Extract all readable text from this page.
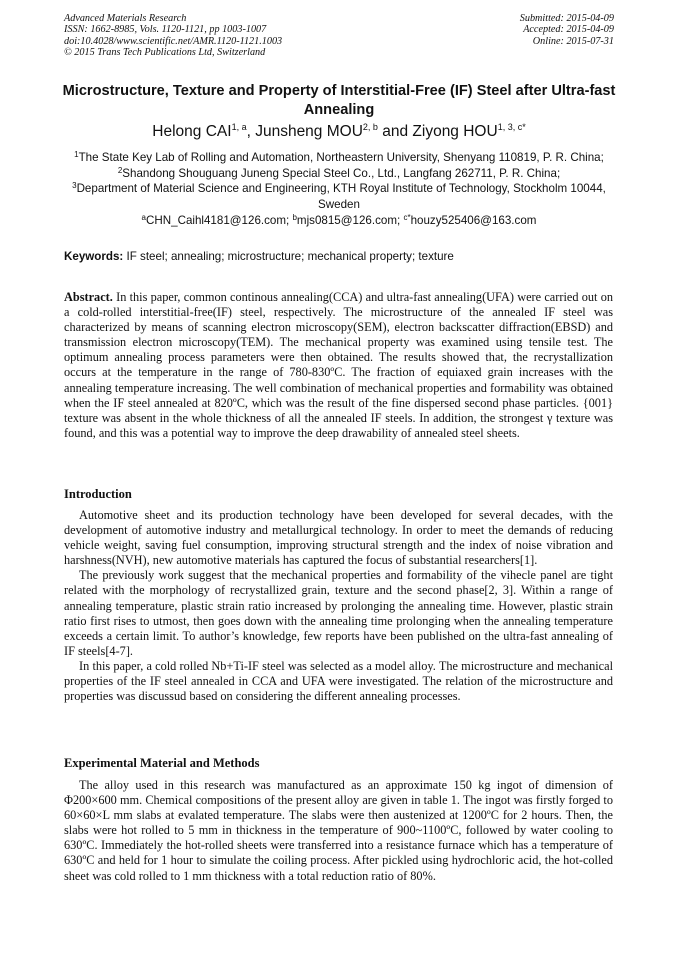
Advanced Materials Research
ISSN: 1662-8985, Vols. 1120-1121, pp 1003-1007
doi:10.4028/www.scientific.net/AMR.1120-1121.1003
© 2015 Trans Tech Publications Ltd, Switzerland
Submitted: 2015-04-09
Accepted: 2015-04-09
Online: 2015-07-31
Microstructure, Texture and Property of Interstitial-Free (IF) Steel after Ultra-fast Annealing
Helong CAI$^{1, a}$, Junsheng MOU$^{2, b}$ and Ziyong $HOU^{1, 3, c*}$
$^1$The State Key Lab of Rolling and Automation, Northeastern University, Shenyang 110819, P. R. China; $^2$Shandong Shouguang Juneng Special Steel Co., Ltd., Langfang 262711, P. R. China;
$^3$Department of Material Science and Engineering, KTH Royal Institute of Technology, Stockholm 10044, Sweden
$^a$CHN_Caihl4181@126.com; $^b$mjs0815@126.com; $^{c*}$houzy525406@163.com
Keywords: IF steel; annealing; microstructure; mechanical property; texture

Abstract. In this paper, common continous annealing(CCA) and ultra-fast annealing(UFA) were carried out on a cold-rolled interstitial-free(IF) steel, respectively. The microstructure of the annealed IF steel was characterized by means of scanning electron microscopy(SEM), electron backscatter diffraction(EBSD) and transmission electron microscopy(TEM). The mechanical property was examined using tensile test. The optimum annealing process parameters were then obtained. The results showed that, the recrystallization occurs at the temperature in the range of 780-830ºC. The fraction of equiaxed grain increases with the annealing temperature increasing. The well combination of mechanical properties and formability was obtained when the IF steel annealed at 820ºC, which was the result of the fine dispersed second phase particles. {001} texture was absent in the whole thickness of all the annealed IF steels. In addition, the strongest γ texture was found, and this was a potential way to improve the deep drawability of annealed steel sheets.

Introduction

Automotive sheet and its production technology have been developed for several decades, with the development of automotive industry and metallurgical technology. In order to meet the demands of reducing vehicle weight, saving fuel consumption, improving structural strength and the index of noise vibration and harshness(NVH), new automotive materials has captured the focus of substantial researchers[1].

The previously work suggest that the mechanical properties and formability of the vihecle panel are tight related with the morphology of recrystallized grain, texture and the second phase[2, 3]. Within a range of annealing temperature, plastic strain ratio increased by prolonging the annealing time. However, plastic strain ratio first rises to utmost, then goes down with the annealing time prolonging when the annealing temperature exceeds a certain limit. To author’s knowledge, few reports have been published on the ultra-fast annealing of IF steels[4-7].

In this paper, a cold rolled Nb+Ti-IF steel was selected as a model alloy. The microstructure and mechanical properties of the IF steel annealed in CCA and UFA were investigated. The relation of the microstructure and properties was discussud based on considering the different annealing processes.

Experimental Material and Methods

The alloy used in this research was manufactured as an approximate 150 kg ingot of dimension of Φ200×600 mm. Chemical compositions of the present alloy are given in table 1. The ingot was firstly forged to 60×60×L mm slabs at evalated temperature. The slabs were then austenized at 1200ºC for 2 hours. Then, the slabs were hot rolled to 5 mm in thickness in the temperature of 900~1100ºC, followed by water cooling to 630ºC. Immediately the hot-rolled sheets were transferred into a resistance furnace which has a temperature of 630ºC and held for 1 hour to simulate the coiling process. After pickled using hydrochloric acid, the hot-colled sheet was cold rolled to 1 mm thickness with a total reduction ratio of 80%.
